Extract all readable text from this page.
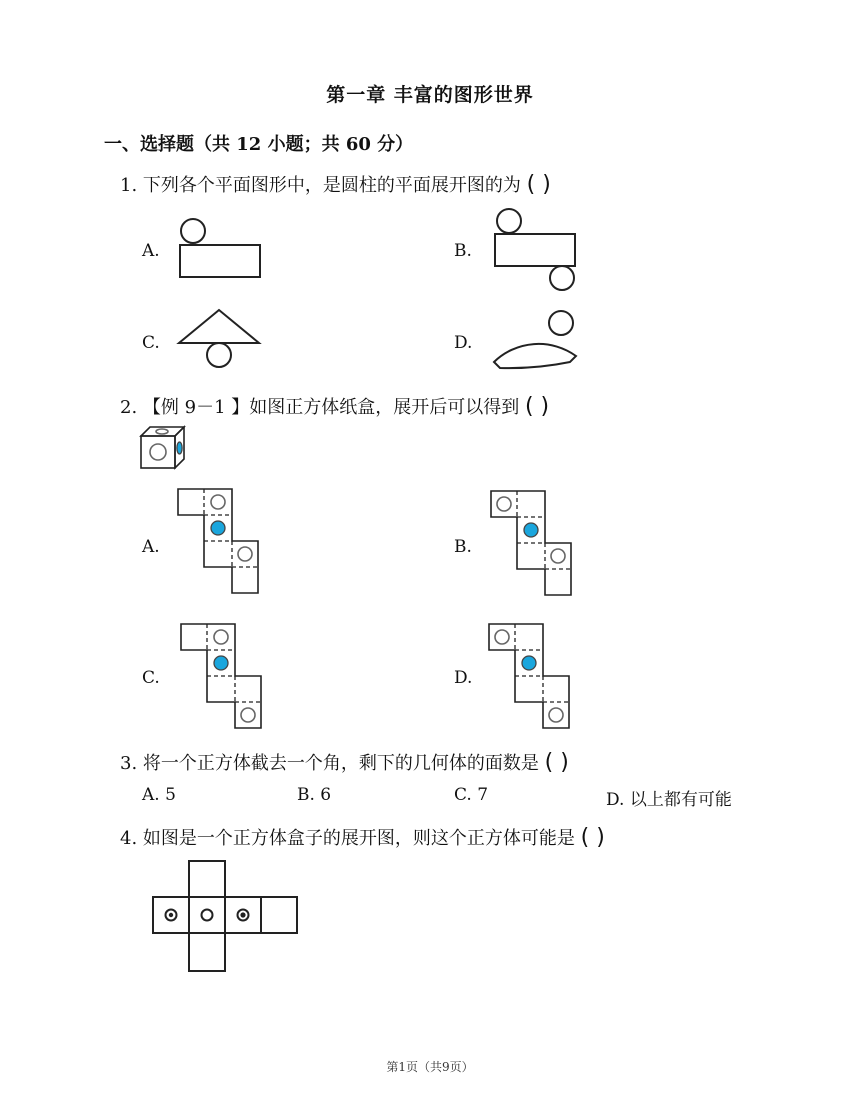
第一章 丰富的图形世界
一、选择题（共 12 小题；共 60 分）
1. 下列各个平面图形中，是圆柱的平面展开图的为 ( )
A.	B.
C.	D.
2. 【例 9－1 】如图正方体纸盒，展开后可以得到 ( )
A.	B.
C.	D.
3. 将一个正方体截去一个角，剩下的几何体的面数是 ( )
A. 5	B. 6	C. 7	D. 以上都有可能
4. 如图是一个正方体盒子的展开图，则这个正方体可能是 ( )
第1页（共9页）
